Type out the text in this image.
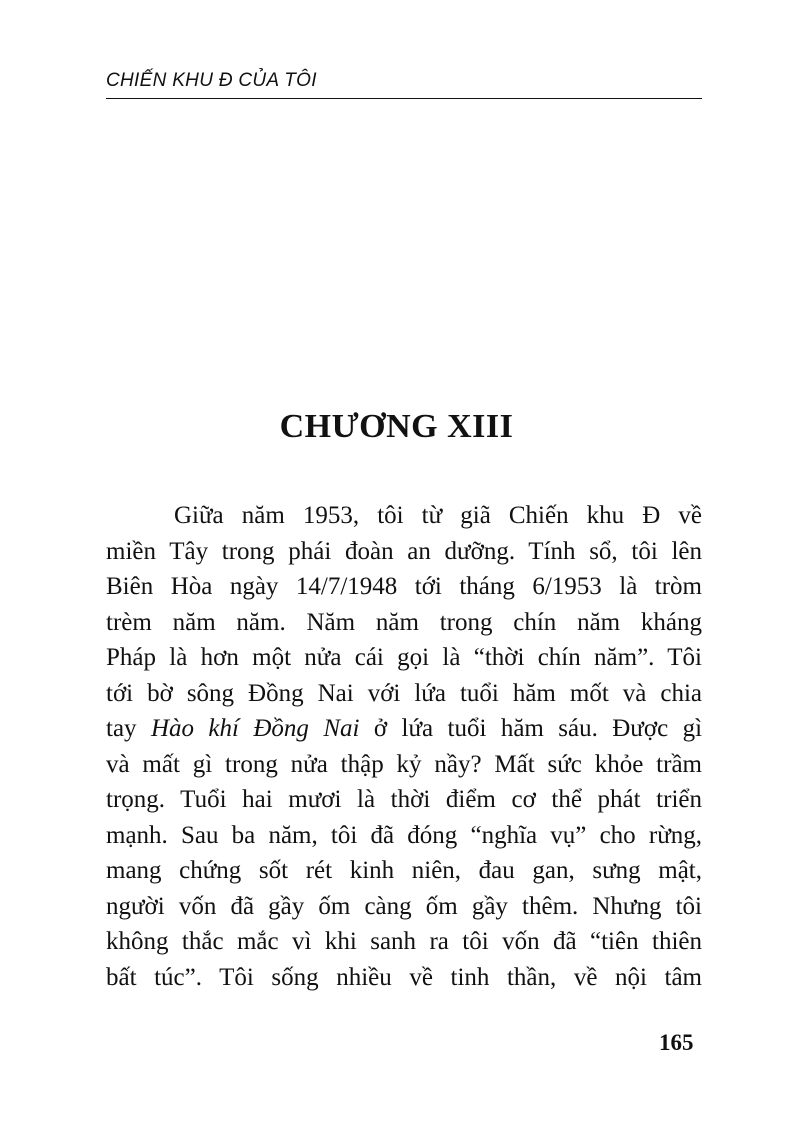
CHIẾN KHU Đ CỦA TÔI
CHƯƠNG XIII
Giữa năm 1953, tôi từ giã Chiến khu Đ về
miền Tây trong phái đoàn an dưỡng. Tính sổ, tôi lên
Biên Hòa ngày 14/7/1948 tới tháng 6/1953 là tròm
trèm năm năm. Năm năm trong chín năm kháng
Pháp là hơn một nửa cái gọi là “thời chín năm”. Tôi
tới bờ sông Đồng Nai với lứa tuổi hăm mốt và chia
tay Hào khí Đồng Nai ở lứa tuổi hăm sáu. Được gì
và mất gì trong nửa thập kỷ nầy? Mất sức khỏe trầm
trọng. Tuổi hai mươi là thời điểm cơ thể phát triển
mạnh. Sau ba năm, tôi đã đóng “nghĩa vụ” cho rừng,
mang chứng sốt rét kinh niên, đau gan, sưng mật,
người vốn đã gầy ốm càng ốm gầy thêm. Nhưng tôi
không thắc mắc vì khi sanh ra tôi vốn đã “tiên thiên
bất túc”. Tôi sống nhiều về tinh thần, về nội tâm
165
